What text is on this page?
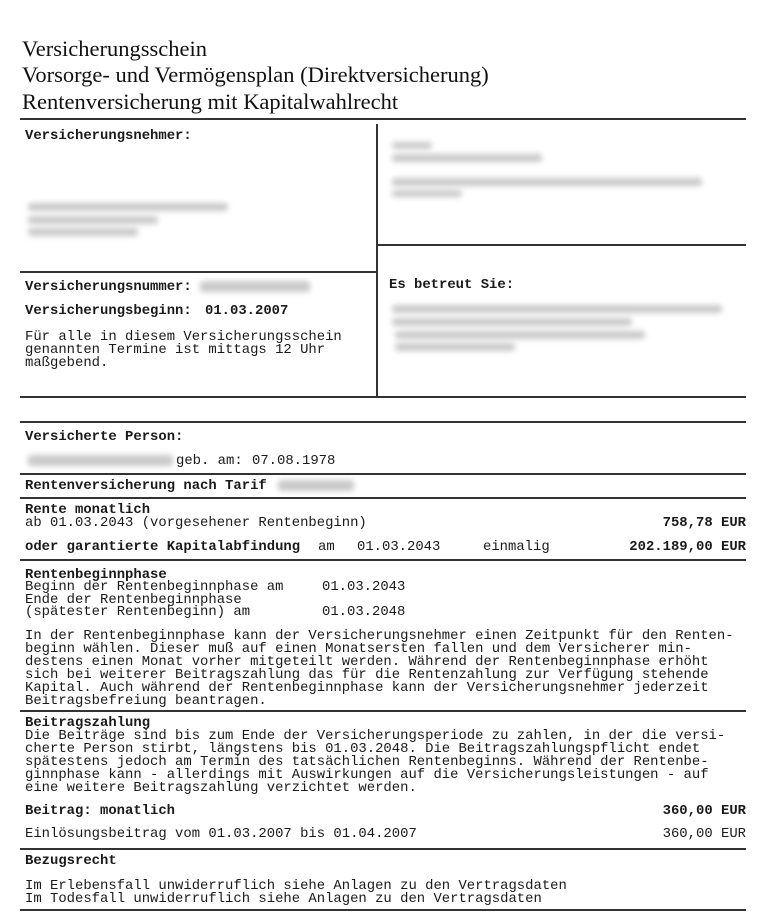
Versicherungsschein
Vorsorge- und Vermögensplan (Direktversicherung)
Rentenversicherung mit Kapitalwahlrecht
Versicherungsnehmer:
Versicherungsnummer:
Versicherungsbeginn: 01.03.2007
Für alle in diesem Versicherungsschein
genannten Termine ist mittags 12 Uhr
maßgebend.
Es betreut Sie:
Versicherte Person:
geb. am: 07.08.1978
Rentenversicherung nach Tarif
Rente monatlich
ab 01.03.2043 (vorgesehener Rentenbeginn)	758,78 EUR
oder garantierte Kapitalabfindung am 01.03.2043	einmalig	202.189,00 EUR
Rentenbeginnphase
Beginn der Rentenbeginnphase am	01.03.2043
Ende der Rentenbeginnphase
(spätester Rentenbeginn) am	01.03.2048
In der Rentenbeginnphase kann der Versicherungsnehmer einen Zeitpunkt für den Renten-
beginn wählen. Dieser muß auf einen Monatsersten fallen und dem Versicherer min-
destens einen Monat vorher mitgeteilt werden. Während der Rentenbeginnphase erhöht
sich bei weiterer Beitragszahlung das für die Rentenzahlung zur Verfügung stehende
Kapital. Auch während der Rentenbeginnphase kann der Versicherungsnehmer jederzeit
Beitragsbefreiung beantragen.
Beitragszahlung
Die Beiträge sind bis zum Ende der Versicherungsperiode zu zahlen, in der die versi-
cherte Person stirbt, längstens bis 01.03.2048. Die Beitragszahlungspflicht endet
spätestens jedoch am Termin des tatsächlichen Rentenbeginns. Während der Rentenbe-
ginnphase kann - allerdings mit Auswirkungen auf die Versicherungsleistungen - auf
eine weitere Beitragszahlung verzichtet werden.
Beitrag: monatlich	360,00 EUR
Einlösungsbeitrag vom 01.03.2007 bis 01.04.2007	360,00 EUR
Bezugsrecht
Im Erlebensfall unwiderruflich siehe Anlagen zu den Vertragsdaten
Im Todesfall unwiderruflich siehe Anlagen zu den Vertragsdaten
